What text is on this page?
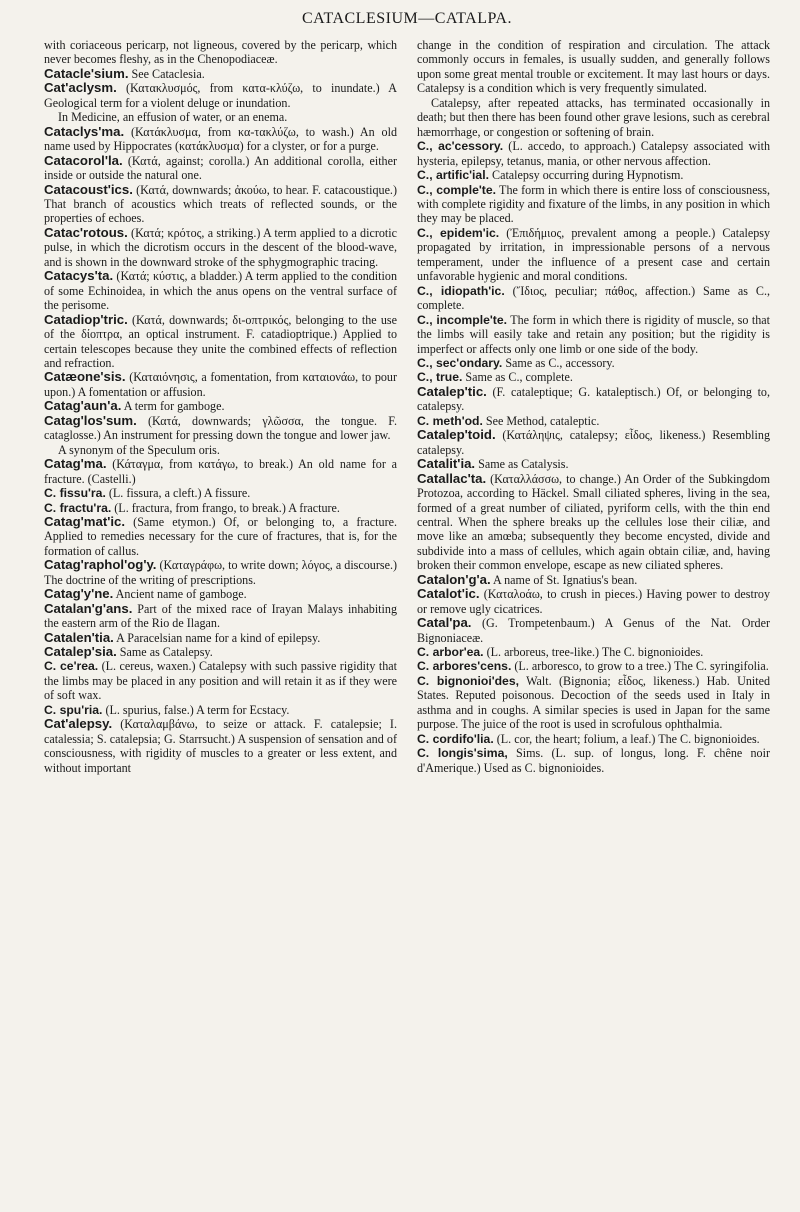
CATACLESIUM—CATALPA.

with coriaceous pericarp, not ligneous, covered by the pericarp, which never becomes fleshy, as in the Chenopodiaceæ.

Catacle'sium. See Cataclesia.

Cat'aclysm. (Κατακλυσμός, from κατα-κλύζω, to inundate.) A Geological term for a violent deluge or inundation.

In Medicine, an effusion of water, or an enema.

Cataclys'ma. (Κατάκλυσμα, from κα-τακλύζω, to wash.) An old name used by Hippocrates (κατάκλυσμα) for a clyster, or for a purge.

Catacorol'la. (Κατά, against; corolla.) An additional corolla, either inside or outside the natural one.

Catacoust'ics. (Κατά, downwards; ἀκούω, to hear. F. catacoustique.) That branch of acoustics which treats of reflected sounds, or the properties of echoes.

Catac'rotous. (Κατά; κρότος, a striking.) A term applied to a dicrotic pulse, in which the dicrotism occurs in the descent of the blood-wave, and is shown in the downward stroke of the sphygmographic tracing.

Catacys'ta. (Κατά; κύστις, a bladder.) A term applied to the condition of some Echinoidea, in which the anus opens on the ventral surface of the perisome.

Catadiop'tric. (Κατά, downwards; δι-οπτρικός, belonging to the use of the δίοπτρα, an optical instrument. F. catadioptrique.) Applied to certain telescopes because they unite the combined effects of reflection and refraction.

Catæone'sis. (Καταιόνησις, a fomentation, from καταιονάω, to pour upon.) A fomentation or affusion.

Catag'aun'a. A term for gamboge.

Catag'los'sum. (Κατά, downwards; γλῶσσα, the tongue. F. cataglosse.) An instrument for pressing down the tongue and lower jaw.

A synonym of the Speculum oris.

Catag'ma. (Κάταγμα, from κατάγω, to break.) An old name for a fracture. (Castelli.)

C. fissu'ra. (L. fissura, a cleft.) A fissure.

C. fractu'ra. (L. fractura, from frango, to break.) A fracture.

Catag'mat'ic. (Same etymon.) Of, or belonging to, a fracture. Applied to remedies necessary for the cure of fractures, that is, for the formation of callus.

Catag'raphol'og'y. (Καταγράφω, to write down; λόγος, a discourse.) The doctrine of the writing of prescriptions.

Catag'y'ne. Ancient name of gamboge.

Catalan'g'ans. Part of the mixed race of Irayan Malays inhabiting the eastern arm of the Rio de Ilagan.

Catalen'tia. A Paracelsian name for a kind of epilepsy.

Catalep'sia. Same as Catalepsy.

C. ce'rea. (L. cereus, waxen.) Catalepsy with such passive rigidity that the limbs may be placed in any position and will retain it as if they were of soft wax.

C. spu'ria. (L. spurius, false.) A term for Ecstacy.

Cat'alepsy. (Καταλαμβάνω, to seize or attack. F. catalepsie; I. catalessia; S. catalepsia; G. Starrsucht.) A suspension of sensation and of consciousness, with rigidity of muscles to a greater or less extent, and without important

change in the condition of respiration and circulation. The attack commonly occurs in females, is usually sudden, and generally follows upon some great mental trouble or excitement. It may last hours or days. Catalepsy is a condition which is very frequently simulated.

Catalepsy, after repeated attacks, has terminated occasionally in death; but then there has been found other grave lesions, such as cerebral hæmorrhage, or congestion or softening of brain.

C., ac'cessory. (L. accedo, to approach.) Catalepsy associated with hysteria, epilepsy, tetanus, mania, or other nervous affection.

C., artific'ial. Catalepsy occurring during Hypnotism.

C., comple'te. The form in which there is entire loss of consciousness, with complete rigidity and fixature of the limbs, in any position in which they may be placed.

C., epidem'ic. (Ἐπιδήμιος, prevalent among a people.) Catalepsy propagated by irritation, in impressionable persons of a nervous temperament, under the influence of a present case and certain unfavorable hygienic and moral conditions.

C., idiopath'ic. (Ἴδιος, peculiar; πάθος, affection.) Same as C., complete.

C., incomple'te. The form in which there is rigidity of muscle, so that the limbs will easily take and retain any position; but the rigidity is imperfect or affects only one limb or one side of the body.

C., sec'ondary. Same as C., accessory.

C., true. Same as C., complete.

Catalep'tic. (F. cataleptique; G. kataleptisch.) Of, or belonging to, catalepsy.

C. meth'od. See Method, cataleptic.

Catalep'toid. (Κατάληψις, catalepsy; εἶδος, likeness.) Resembling catalepsy.

Catalit'ia. Same as Catalysis.

Catallac'ta. (Καταλλάσσω, to change.) An Order of the Subkingdom Protozoa, according to Häckel. Small ciliated spheres, living in the sea, formed of a great number of ciliated, pyriform cells, with the thin end central. When the sphere breaks up the cellules lose their ciliæ, and move like an amœba; subsequently they become encysted, divide and subdivide into a mass of cellules, which again obtain ciliæ, and, having broken their common envelope, escape as new ciliated spheres.

Catalon'g'a. A name of St. Ignatius's bean.

Catalot'ic. (Καταλοάω, to crush in pieces.) Having power to destroy or remove ugly cicatrices.

Catal'pa. (G. Trompetenbaum.) A Genus of the Nat. Order Bignoniaceæ.

C. arbor'ea. (L. arboreus, tree-like.) The C. bignonioides.

C. arbores'cens. (L. arboresco, to grow to a tree.) The C. syringifolia.

C. bignonioi'des, Walt. (Bignonia; εἶδος, likeness.) Hab. United States. Reputed poisonous. Decoction of the seeds used in Italy in asthma and in coughs. A similar species is used in Japan for the same purpose. The juice of the root is used in scrofulous ophthalmia.

C. cordifo'lia. (L. cor, the heart; folium, a leaf.) The C. bignonioides.

C. longis'sima, Sims. (L. sup. of longus, long. F. chêne noir d'Amerique.) Used as C. bignonioides.
